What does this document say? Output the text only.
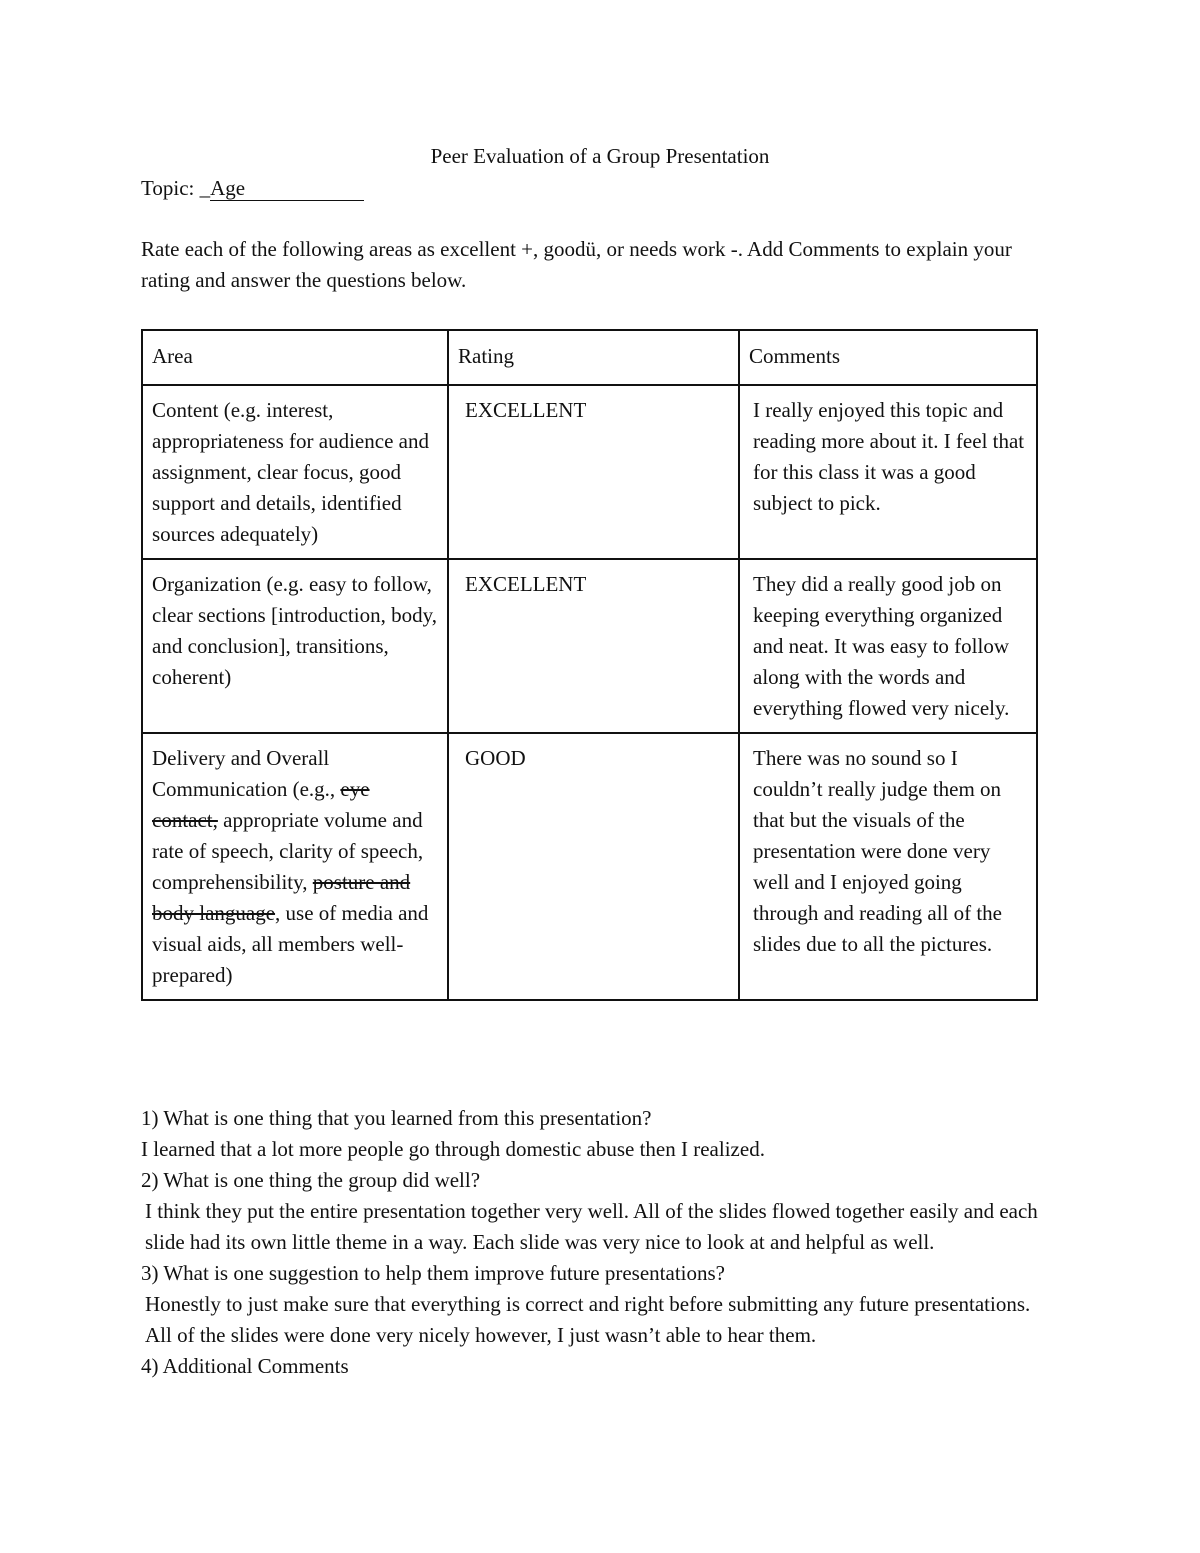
Peer Evaluation of a Group Presentation

Topic: _Age

Rate each of the following areas as excellent +, goodü, or needs work -. Add Comments to explain your rating and answer the questions below.

Area	Rating	Comments
Content (e.g. interest, appropriateness for audience and assignment, clear focus, good support and details, identified sources adequately)	EXCELLENT	I really enjoyed this topic and reading more about it. I feel that for this class it was a good subject to pick.

Organization (e.g. easy to follow, clear sections [introduction, body, and conclusion], transitions, coherent)	EXCELLENT	They did a really good job on keeping everything organized and neat. It was easy to follow along with the words and everything flowed very nicely.

Delivery and Overall Communication (e.g., eye contact, appropriate volume and rate of speech, clarity of speech, comprehensibility, posture and body language, use of media and visual aids, all members well-prepared)	GOOD	There was no sound so I couldn’t really judge them on that but the visuals of the presentation were done very well and I enjoyed going through and reading all of the slides due to all the pictures.

1) What is one thing that you learned from this presentation?

I learned that a lot more people go through domestic abuse then I realized.

2) What is one thing the group did well?

I think they put the entire presentation together very well. All of the slides flowed together easily and each slide had its own little theme in a way. Each slide was very nice to look at and helpful as well.

3) What is one suggestion to help them improve future presentations?

Honestly to just make sure that everything is correct and right before submitting any future presentations. All of the slides were done very nicely however, I just wasn’t able to hear them.

4) Additional Comments
